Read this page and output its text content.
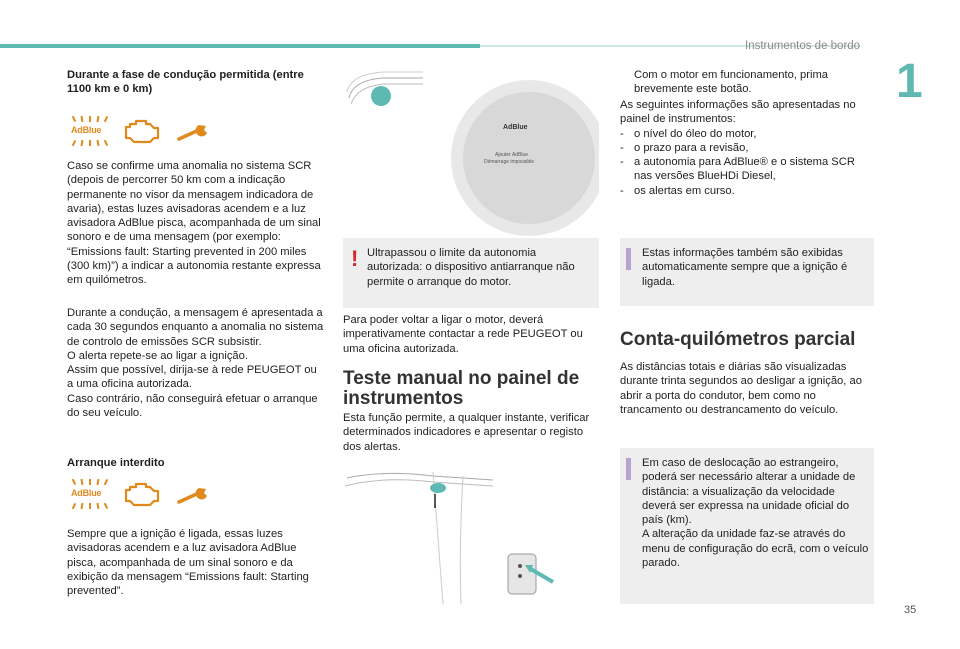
Instrumentos de bordo
1
35
Durante a fase de condução permitida (entre 1100 km e 0 km)
AdBlue
Caso se confirme uma anomalia no sistema SCR (depois de percorrer 50 km com a indicação permanente no visor da mensagem indicadora de avaria), estas luzes avisadoras acendem e a luz avisadora AdBlue pisca, acompanhada de um sinal sonoro e de uma mensagem (por exemplo: “Emissions fault: Starting prevented in 200 miles (300 km)”) a indicar a autonomia restante expressa em quilómetros.
Durante a condução, a mensagem é apresentada a cada 30 segundos enquanto a anomalia no sistema de controlo de emissões SCR subsistir.
O alerta repete-se ao ligar a ignição.
Assim que possível, dirija-se à rede PEUGEOT ou a uma oficina autorizada.
Caso contrário, não conseguirá efetuar o arranque do seu veículo.
Arranque interdito
AdBlue
Sempre que a ignição é ligada, essas luzes avisadoras acendem e a luz avisadora AdBlue pisca, acompanhada de um sinal sonoro e da exibição da mensagem “Emissions fault: Starting prevented”.
AdBlue
Ajouter AdBlue
Démarrage impossible
! Ultrapassou o limite da autonomia autorizada: o dispositivo antiarranque não permite o arranque do motor.
Para poder voltar a ligar o motor, deverá imperativamente contactar a rede PEUGEOT ou uma oficina autorizada.
Teste manual no painel de instrumentos
Esta função permite, a qualquer instante, verificar determinados indicadores e apresentar o registo dos alertas.
Com o motor em funcionamento, prima brevemente este botão.
As seguintes informações são apresentadas no painel de instrumentos:
- o nível do óleo do motor,
- o prazo para a revisão,
- a autonomia para AdBlue® e o sistema SCR nas versões BlueHDi Diesel,
- os alertas em curso.
Estas informações também são exibidas automaticamente sempre que a ignição é ligada.
Conta-quilómetros parcial
As distâncias totais e diárias são visualizadas durante trinta segundos ao desligar a ignição, ao abrir a porta do condutor, bem como no trancamento ou destrancamento do veículo.
Em caso de deslocação ao estrangeiro, poderá ser necessário alterar a unidade de distância: a visualização da velocidade deverá ser expressa na unidade oficial do país (km).
A alteração da unidade faz-se através do menu de configuração do ecrã, com o veículo parado.
